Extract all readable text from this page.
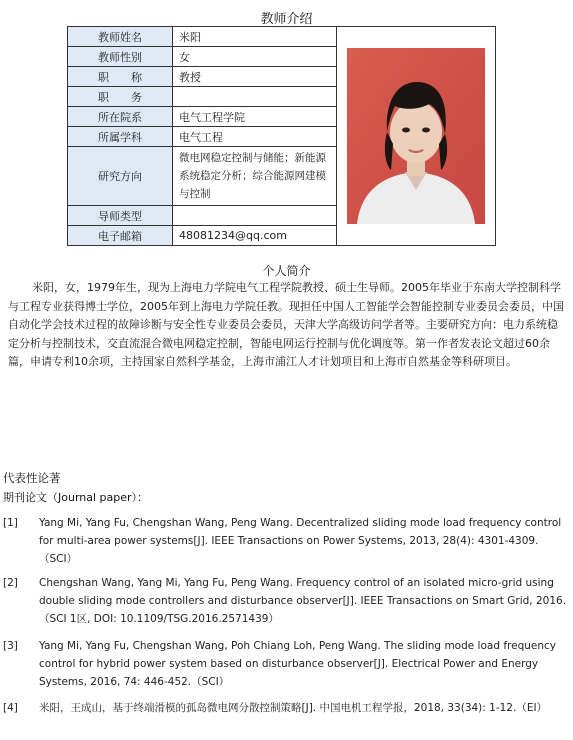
教师介绍
教师姓名	米阳	

教师性别	女	
职　　称	教授	
职　　务		
所在院系	电气工程学院	
所属学科	电气工程	
研究方向	微电网稳定控制与储能；新能源系统稳定分析；综合能源网建模与控制	
导师类型		
电子邮箱	48081234@qq.com	
个人简介
米阳，女，1979年生，现为上海电力学院电气工程学院教授、硕士生导师。2005年毕业于东南大学控制科学与工程专业获得博士学位，2005年到上海电力学院任教。现担任中国人工智能学会智能控制专业委员会委员，中国自动化学会技术过程的故障诊断与安全性专业委员会委员，天津大学高级访问学者等。主要研究方向：电力系统稳定分析与控制技术，交直流混合微电网稳定控制，智能电网运行控制与优化调度等。第一作者发表论文超过60余篇，申请专利10余项，主持国家自然科学基金，上海市浦江人才计划项目和上海市自然基金等科研项目。
代表性论著
期刊论文（Journal paper）：
[1]	Yang Mi, Yang Fu, Chengshan Wang, Peng Wang. Decentralized sliding mode load frequency control for multi-area power systems[J]. IEEE Transactions on Power Systems, 2013, 28(4): 4301-4309.（SCI）
[2]	Chengshan Wang, Yang Mi, Yang Fu, Peng Wang. Frequency control of an isolated micro-grid using double sliding mode controllers and disturbance observer[J]. IEEE Transactions on Smart Grid, 2016.（SCI 1区, DOI: 10.1109/TSG.2016.2571439）
[3]	Yang Mi, Yang Fu, Chengshan Wang, Poh Chiang Loh, Peng Wang. The sliding mode load frequency control for hybrid power system based on disturbance observer[J]. Electrical Power and Energy Systems, 2016, 74: 446-452.（SCI）
[4]	米阳，王成山，基于终端滑模的孤岛微电网分散控制策略[J]. 中国电机工程学报，2018, 33(34): 1-12.（EI）
